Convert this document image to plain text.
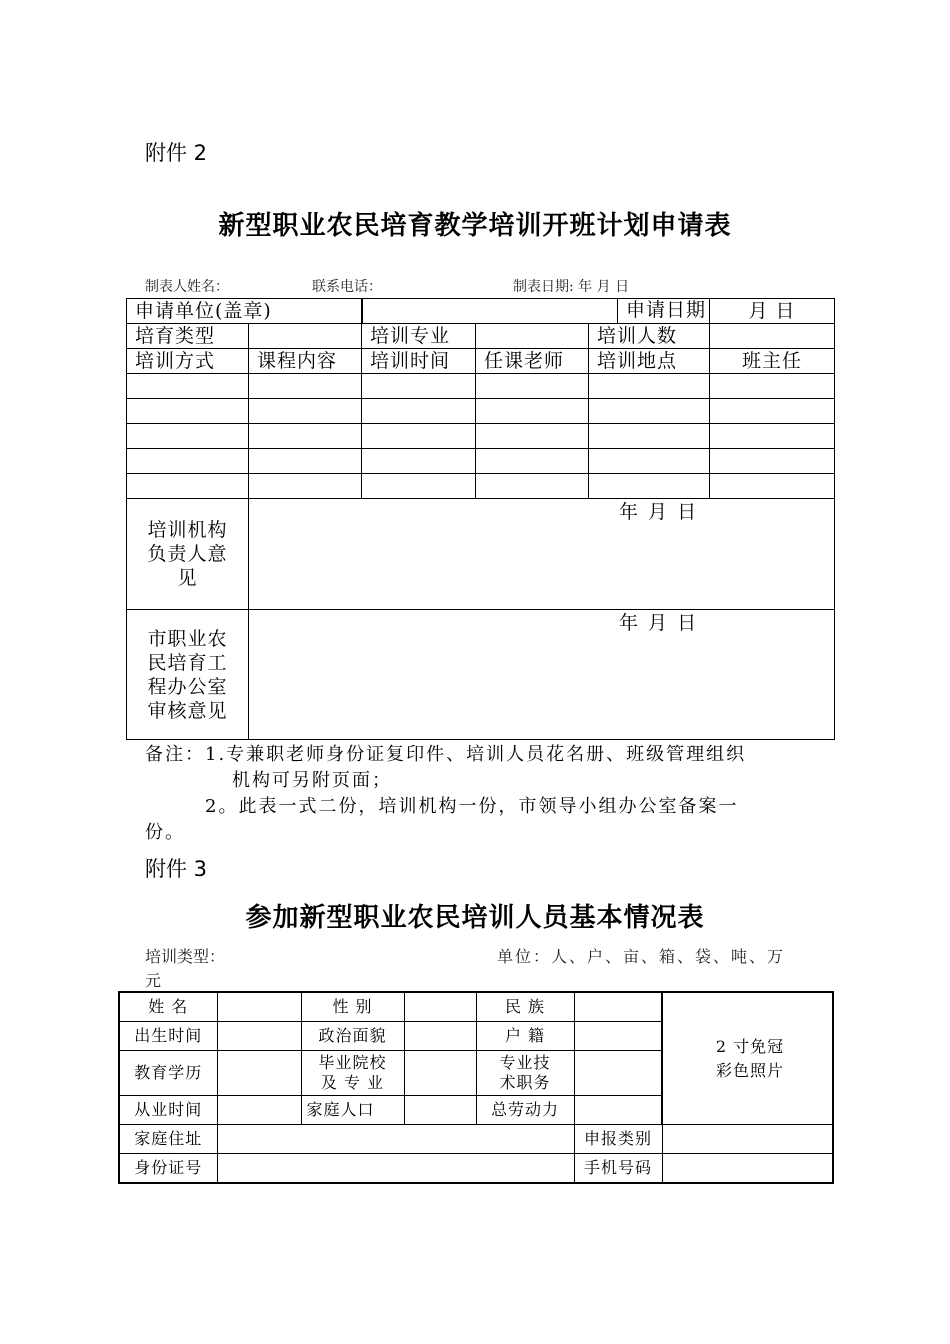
附件 2
新型职业农民培育教学培训开班计划申请表
制表人姓名：	联系电话：	制表日期: 年 月 日
申请单位(盖章)		申请日期			月 日
培育类型		培训专业		培训人数	
培训方式	课程内容	培训时间	任课老师	培训地点	班主任

培训机构负责人意见	年 月 日				

市职业农民培育工程办公室审核意见	年 月 日				
备注：1.专兼职老师身份证复印件、培训人员花名册、班级管理组织
机构可另附页面；
2。此表一式二份，培训机构一份，市领导小组办公室备案一
份。
附件 3
参加新型职业农民培训人员基本情况表
培训类型：	单位：人、户、亩、箱、袋、吨、万
元
姓 名		性 别		民 族		2 寸免冠彩色照片

出生时间		政治面貌		户 籍		
教育学历		毕业院校及 专 业		专业技术职务		

从业时间		家庭人口		总劳动力		
家庭住址					申报类别	
身份证号					手机号码	
